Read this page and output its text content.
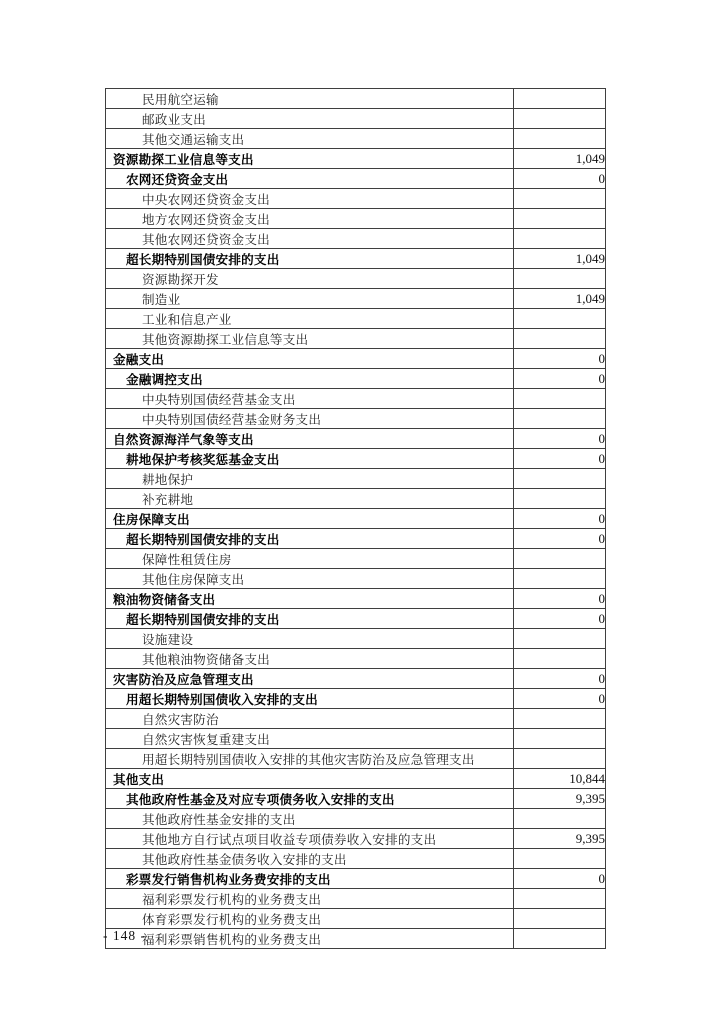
民用航空运输	
邮政业支出	
其他交通运输支出	
资源勘探工业信息等支出	1,049
农网还贷资金支出	0
中央农网还贷资金支出	
地方农网还贷资金支出	
其他农网还贷资金支出	
超长期特别国债安排的支出	1,049
资源勘探开发	
制造业	1,049
工业和信息产业	
其他资源勘探工业信息等支出	
金融支出	0
金融调控支出	0
中央特别国债经营基金支出	
中央特别国债经营基金财务支出	
自然资源海洋气象等支出	0
耕地保护考核奖惩基金支出	0
耕地保护	
补充耕地	
住房保障支出	0
超长期特别国债安排的支出	0
保障性租赁住房	
其他住房保障支出	
粮油物资储备支出	0
超长期特别国债安排的支出	0
设施建设	
其他粮油物资储备支出	
灾害防治及应急管理支出	0
用超长期特别国债收入安排的支出	0
自然灾害防治	
自然灾害恢复重建支出	
用超长期特别国债收入安排的其他灾害防治及应急管理支出	
其他支出	10,844
其他政府性基金及对应专项债务收入安排的支出	9,395
其他政府性基金安排的支出	
其他地方自行试点项目收益专项债券收入安排的支出	9,395
其他政府性基金债务收入安排的支出	
彩票发行销售机构业务费安排的支出	0
福利彩票发行机构的业务费支出	
体育彩票发行机构的业务费支出	
福利彩票销售机构的业务费支出	
- 148 -
